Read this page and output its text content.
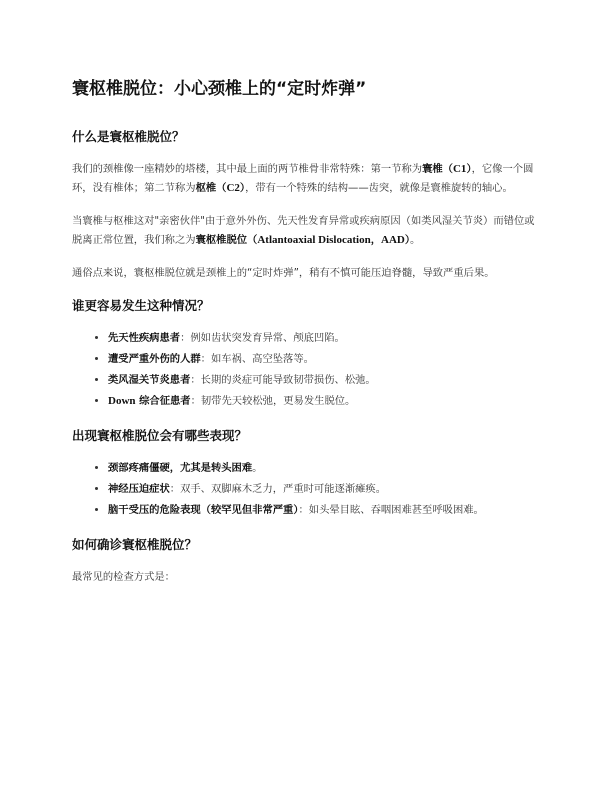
寰枢椎脱位：小心颈椎上的“定时炸弹”
什么是寰枢椎脱位？

我们的颈椎像一座精妙的塔楼，其中最上面的两节椎骨非常特殊：第一节称为寰椎（C1），它像一个圆环，没有椎体；第二节称为枢椎（C2），带有一个特殊的结构——齿突，就像是寰椎旋转的轴心。

当寰椎与枢椎这对"亲密伙伴"由于意外外伤、先天性发育异常或疾病原因（如类风湿关节炎）而错位或脱离正常位置，我们称之为寰枢椎脱位（Atlantoaxial Dislocation，AAD）。

通俗点来说，寰枢椎脱位就是颈椎上的“定时炸弹”，稍有不慎可能压迫脊髓，导致严重后果。

谁更容易发生这种情况？
• 先天性疾病患者：例如齿状突发育异常、颅底凹陷。
• 遭受严重外伤的人群：如车祸、高空坠落等。
• 类风湿关节炎患者：长期的炎症可能导致韧带损伤、松弛。
• Down 综合征患者：韧带先天较松弛，更易发生脱位。
出现寰枢椎脱位会有哪些表现？
• 颈部疼痛僵硬，尤其是转头困难。
• 神经压迫症状：双手、双脚麻木乏力，严重时可能逐渐瘫痪。
• 脑干受压的危险表现（较罕见但非常严重）：如头晕目眩、吞咽困难甚至呼吸困难。
如何确诊寰枢椎脱位？

最常见的检查方式是：
